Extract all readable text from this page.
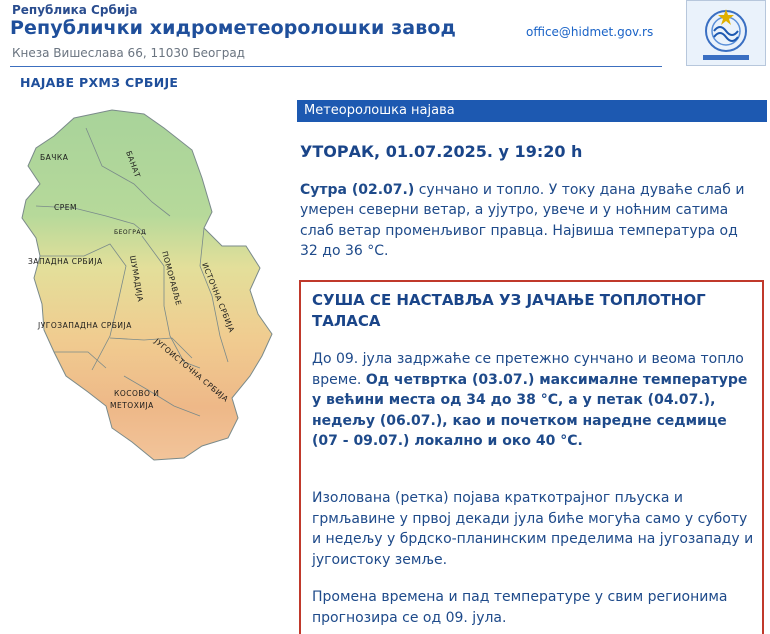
Република Србија
Републички хидрометеоролошки завод
Кнеза Вишеслава 66, 11030 Београд
office@hidmet.gov.rs
НАЈАВЕ РХМЗ СРБИЈЕ
БАЧКА	БАНАТ
СРЕМ
БЕОГРАД
ЗАПАДНА СРБИЈА	ШУМАДИЈА ПОМОРАВЉЕ ИСТОЧНА СРБИЈА
ЈУГОЗАПАДНА СРБИЈА
ЈУГОИСТОЧНА СРБИЈА
КОСОВО И
МЕТОХИЈА
Метеоролошка најава
УТОРАК, 01.07.2025. у 19:20 h
Сутра (02.07.) сунчано и топло. У току дана дуваће слаб и умерен северни ветар, а ујутро, увече и у ноћним сатима слаб ветар променљивог правца. Највиша температура од 32 до 36 °C.
СУША СЕ НАСТАВЉА УЗ ЈАЧАЊЕ ТОПЛОТНОГ ТАЛАСА
До 09. јула задржаће се претежно сунчано и веома топло време. Од четвртка (03.07.) максималне температуре у већини места од 34 до 38 °C, а у петак (04.07.), недељу (06.07.), као и почетком наредне седмице (07 - 09.07.) локално и око 40 °C.
Изолована (ретка) појава краткотрајног пљуска и грмљавине у првој декади јула биће могућа само у суботу и недељу у брдско-планинским пределима на југозападу и југоистоку земље.
Промена времена и пад температуре у свим регионима прогнозира се од 09. јула.
